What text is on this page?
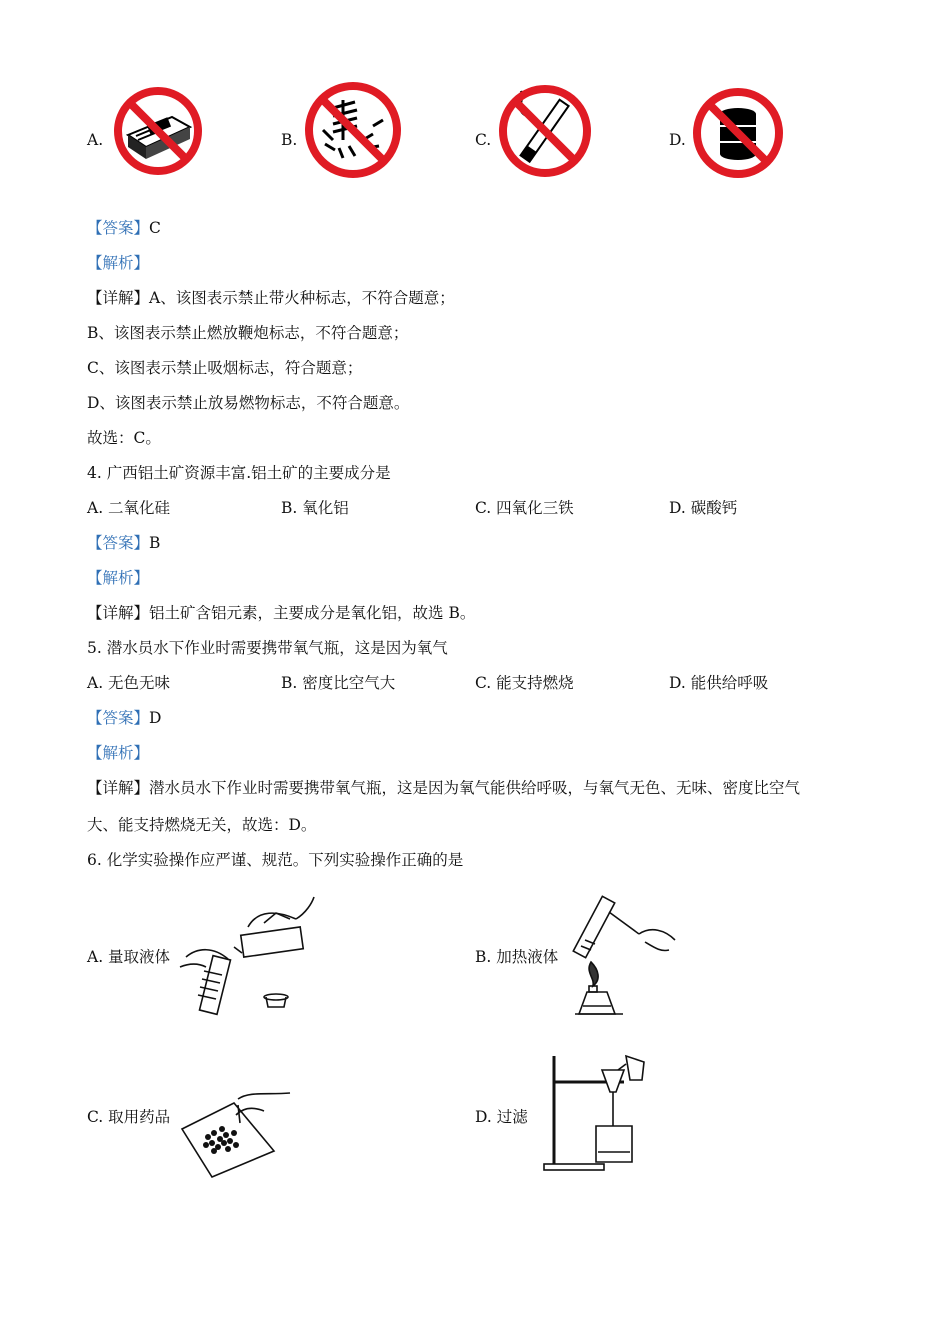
A.	B.	C.	D.
【答案】C
【解析】
【详解】A、该图表示禁止带火种标志，不符合题意；
B、该图表示禁止燃放鞭炮标志，不符合题意；
C、该图表示禁止吸烟标志，符合题意；
D、该图表示禁止放易燃物标志，不符合题意。
故选：C。
4. 广西铝土矿资源丰富.铝土矿的主要成分是
A. 二氧化硅	B. 氧化铝	C. 四氧化三铁	D. 碳酸钙
【答案】B
【解析】
【详解】铝土矿含铝元素，主要成分是氧化铝，故选 B。
5. 潜水员水下作业时需要携带氧气瓶，这是因为氧气
A. 无色无味	B. 密度比空气大	C. 能支持燃烧	D. 能供给呼吸
【答案】D
【解析】
【详解】潜水员水下作业时需要携带氧气瓶，这是因为氧气能供给呼吸，与氧气无色、无味、密度比空气
大、能支持燃烧无关，故选：D。
6. 化学实验操作应严谨、规范。下列实验操作正确的是
A. 量取液体	B. 加热液体
C. 取用药品	D. 过滤
